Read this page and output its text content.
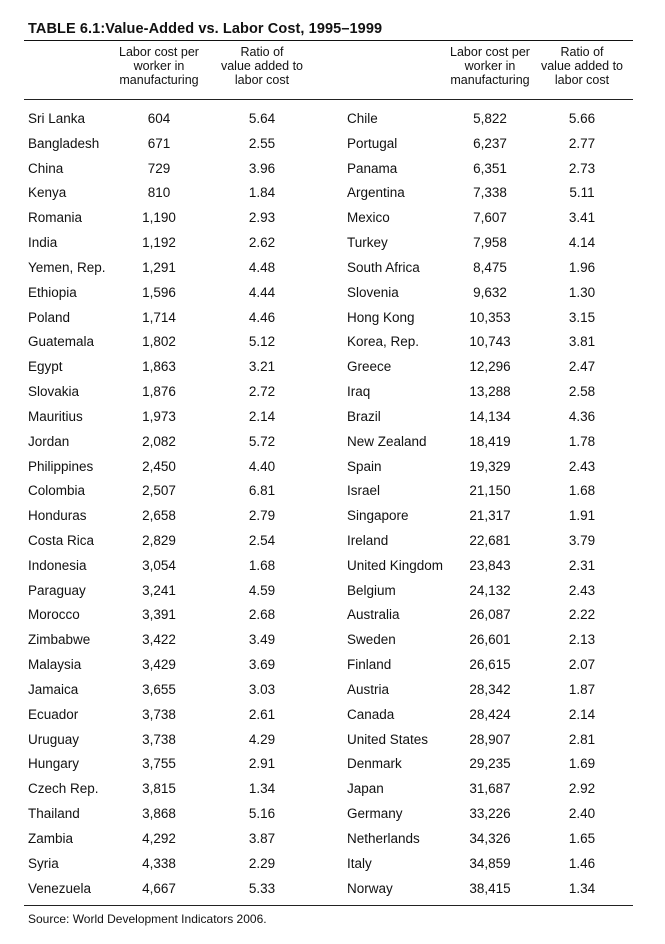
TABLE 6.1:Value-Added vs. Labor Cost, 1995–1999
Labor cost per
worker in
manufacturing
Ratio of
value added to
labor cost
Labor cost per
worker in
manufacturing
Ratio of
value added to
labor cost
Sri Lanka	604	5.64	Chile	5,822	5.66
Bangladesh	671	2.55	Portugal	6,237	2.77
China	729	3.96	Panama	6,351	2.73
Kenya	810	1.84	Argentina	7,338	5.11
Romania	1,190	2.93	Mexico	7,607	3.41
India	1,192	2.62	Turkey	7,958	4.14
Yemen, Rep.	1,291	4.48	South Africa	8,475	1.96
Ethiopia	1,596	4.44	Slovenia	9,632	1.30
Poland	1,714	4.46	Hong Kong	10,353	3.15
Guatemala	1,802	5.12	Korea, Rep.	10,743	3.81
Egypt	1,863	3.21	Greece	12,296	2.47
Slovakia	1,876	2.72	Iraq	13,288	2.58
Mauritius	1,973	2.14	Brazil	14,134	4.36
Jordan	2,082	5.72	New Zealand	18,419	1.78
Philippines	2,450	4.40	Spain	19,329	2.43
Colombia	2,507	6.81	Israel	21,150	1.68
Honduras	2,658	2.79	Singapore	21,317	1.91
Costa Rica	2,829	2.54	Ireland	22,681	3.79
Indonesia	3,054	1.68	United Kingdom	23,843	2.31
Paraguay	3,241	4.59	Belgium	24,132	2.43
Morocco	3,391	2.68	Australia	26,087	2.22
Zimbabwe	3,422	3.49	Sweden	26,601	2.13
Malaysia	3,429	3.69	Finland	26,615	2.07
Jamaica	3,655	3.03	Austria	28,342	1.87
Ecuador	3,738	2.61	Canada	28,424	2.14
Uruguay	3,738	4.29	United States	28,907	2.81
Hungary	3,755	2.91	Denmark	29,235	1.69
Czech Rep.	3,815	1.34	Japan	31,687	2.92
Thailand	3,868	5.16	Germany	33,226	2.40
Zambia	4,292	3.87	Netherlands	34,326	1.65
Syria	4,338	2.29	Italy	34,859	1.46
Venezuela	4,667	5.33	Norway	38,415	1.34
Source: World Development Indicators 2006.
